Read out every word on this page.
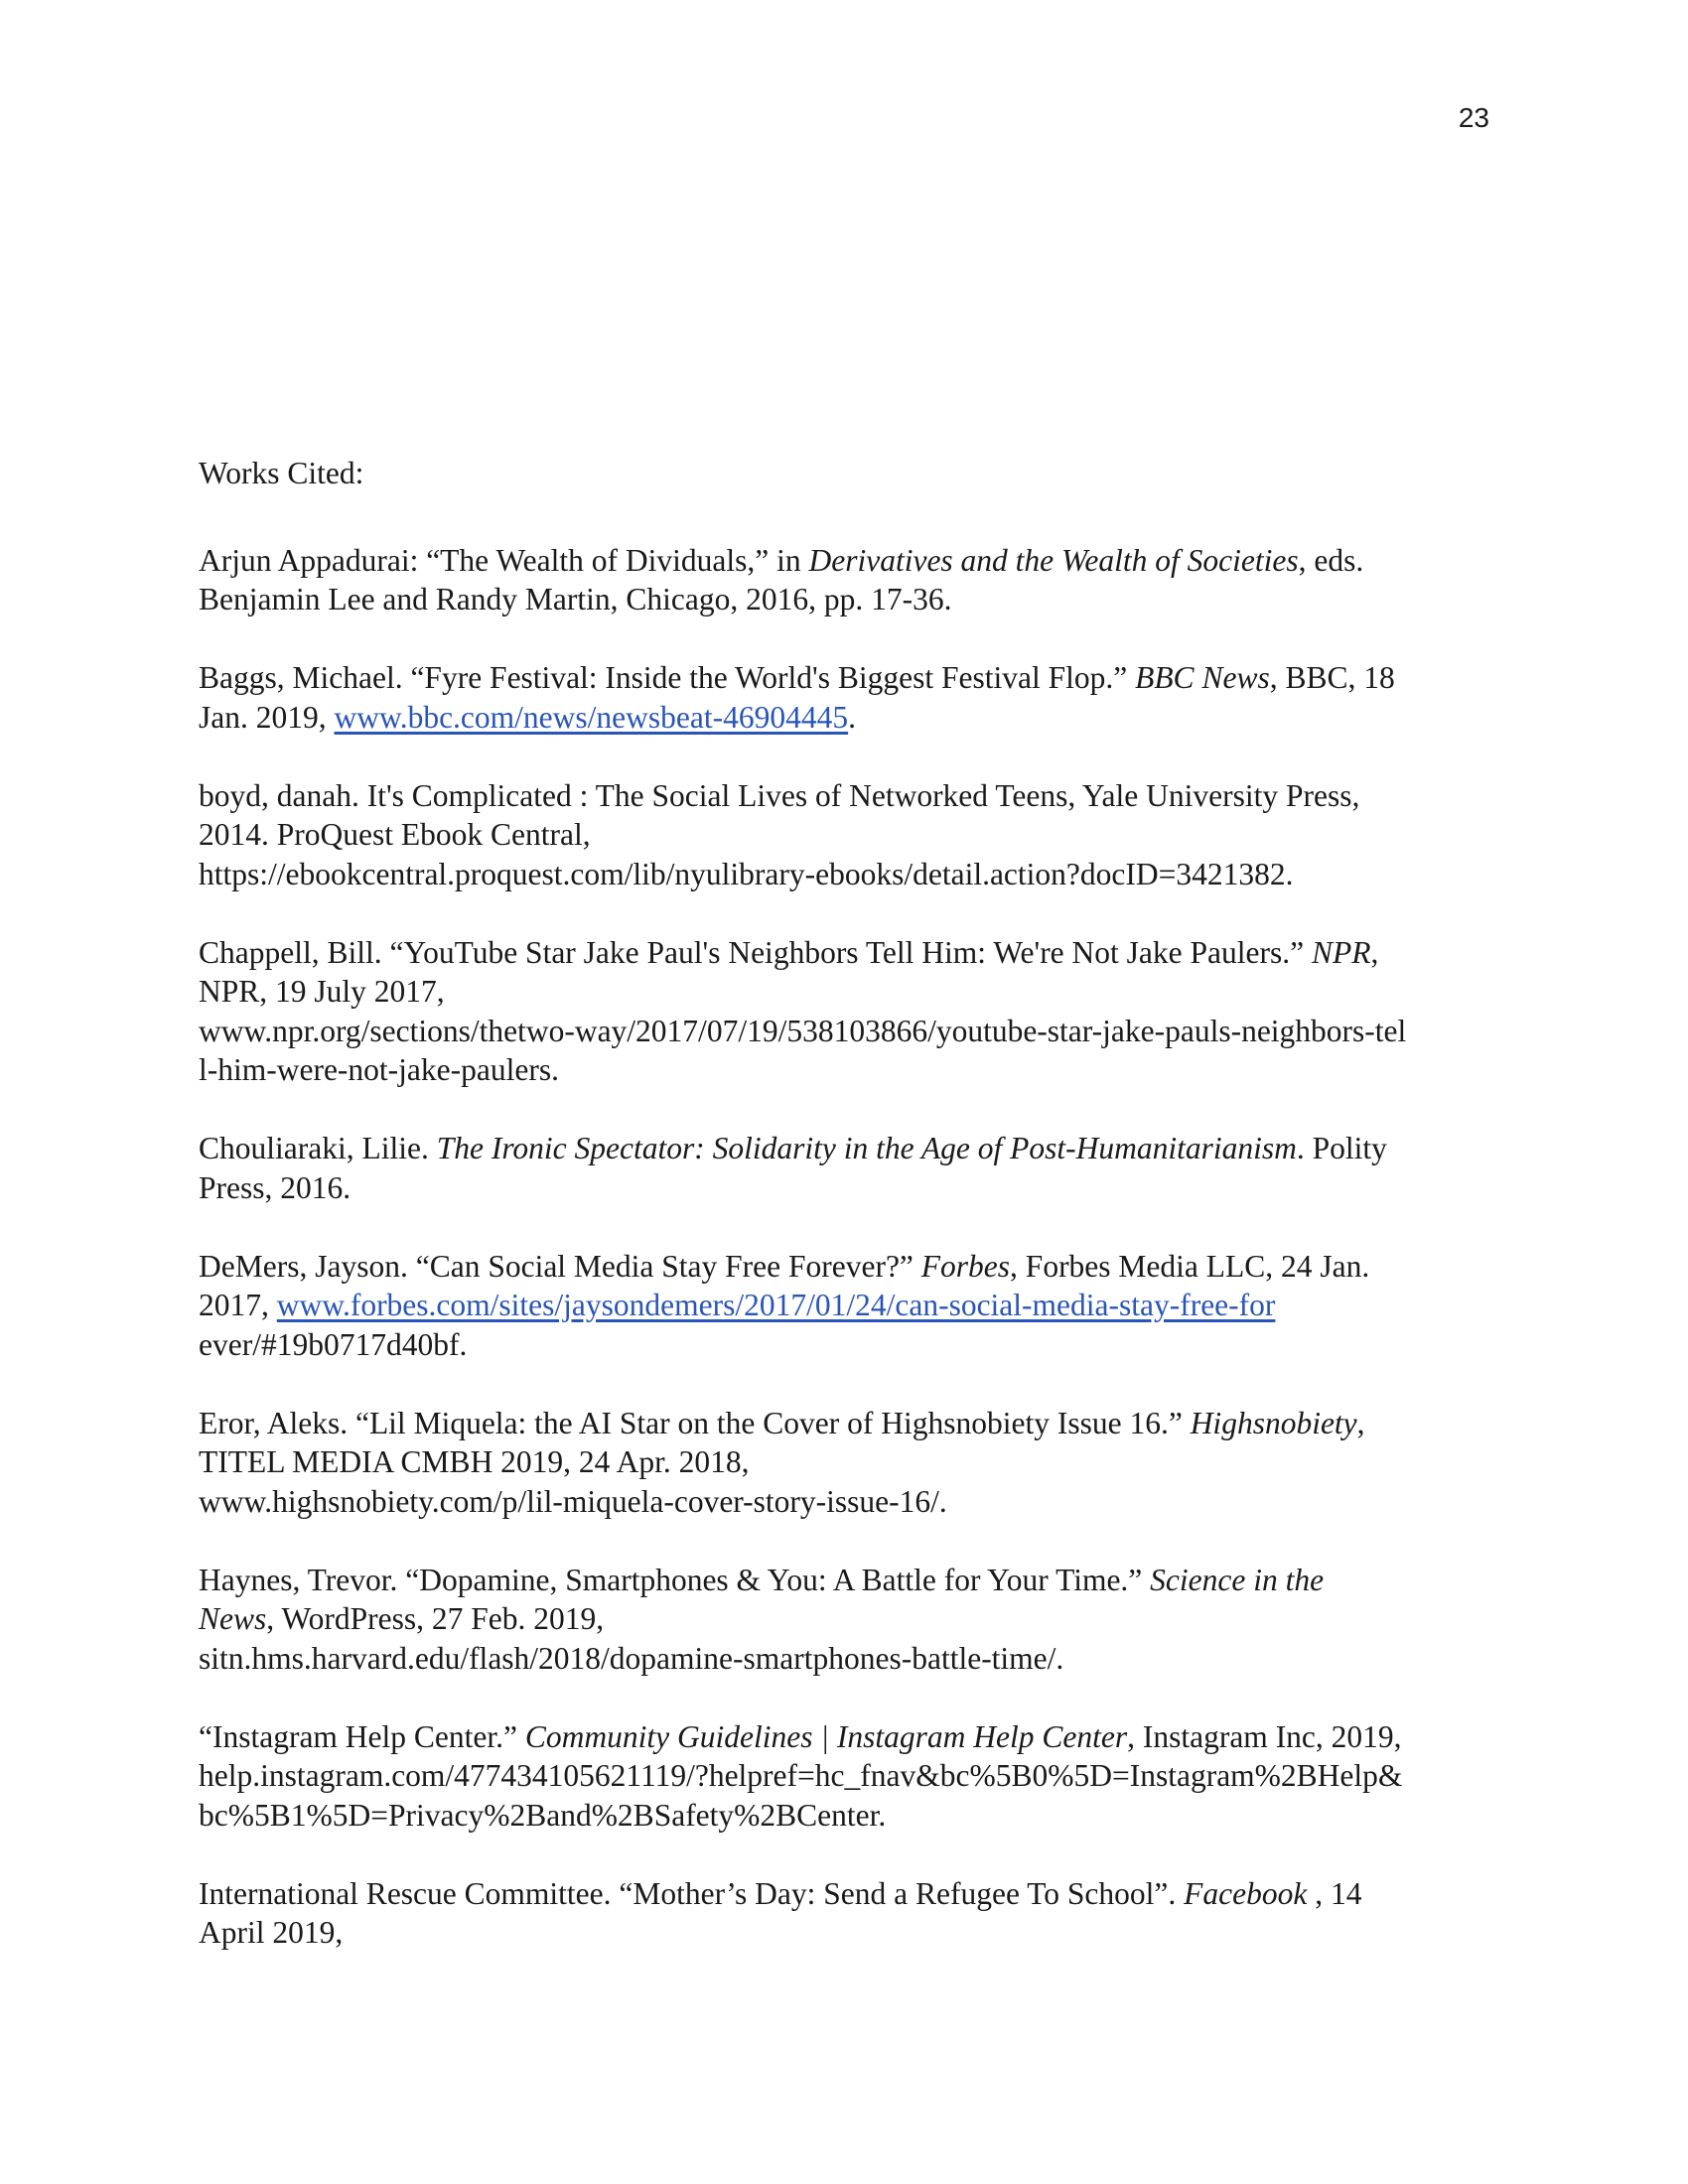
23
Works Cited:
Arjun Appadurai: “The Wealth of Dividuals,” in Derivatives and the Wealth of Societies, eds.
Benjamin Lee and Randy Martin, Chicago, 2016, pp. 17-36.
Baggs, Michael. “Fyre Festival: Inside the World's Biggest Festival Flop.” BBC News, BBC, 18
Jan. 2019, www.bbc.com/news/newsbeat-46904445.
boyd, danah. It's Complicated : The Social Lives of Networked Teens, Yale University Press,
2014. ProQuest Ebook Central,
https://ebookcentral.proquest.com/lib/nyulibrary-ebooks/detail.action?docID=3421382.
Chappell, Bill. “YouTube Star Jake Paul's Neighbors Tell Him: We're Not Jake Paulers.” NPR,
NPR, 19 July 2017,
www.npr.org/sections/thetwo-way/2017/07/19/538103866/youtube-star-jake-pauls-neighbors-tel
l-him-were-not-jake-paulers.
Chouliaraki, Lilie. The Ironic Spectator: Solidarity in the Age of Post-Humanitarianism. Polity
Press, 2016.
DeMers, Jayson. “Can Social Media Stay Free Forever?” Forbes, Forbes Media LLC, 24 Jan.
2017, www.forbes.com/sites/jaysondemers/2017/01/24/can-social-media-stay-free-for
ever/#19b0717d40bf.
Eror, Aleks. “Lil Miquela: the AI Star on the Cover of Highsnobiety Issue 16.” Highsnobiety,
TITEL MEDIA CMBH 2019, 24 Apr. 2018,
www.highsnobiety.com/p/lil-miquela-cover-story-issue-16/.
Haynes, Trevor. “Dopamine, Smartphones & You: A Battle for Your Time.” Science in the
News, WordPress, 27 Feb. 2019,
sitn.hms.harvard.edu/flash/2018/dopamine-smartphones-battle-time/.
“Instagram Help Center.” Community Guidelines | Instagram Help Center, Instagram Inc, 2019,
help.instagram.com/477434105621119/?helpref=hc_fnav&bc%5B0%5D=Instagram%2BHelp&
bc%5B1%5D=Privacy%2Band%2BSafety%2BCenter.
International Rescue Committee. “Mother’s Day: Send a Refugee To School”. Facebook , 14
April 2019,
